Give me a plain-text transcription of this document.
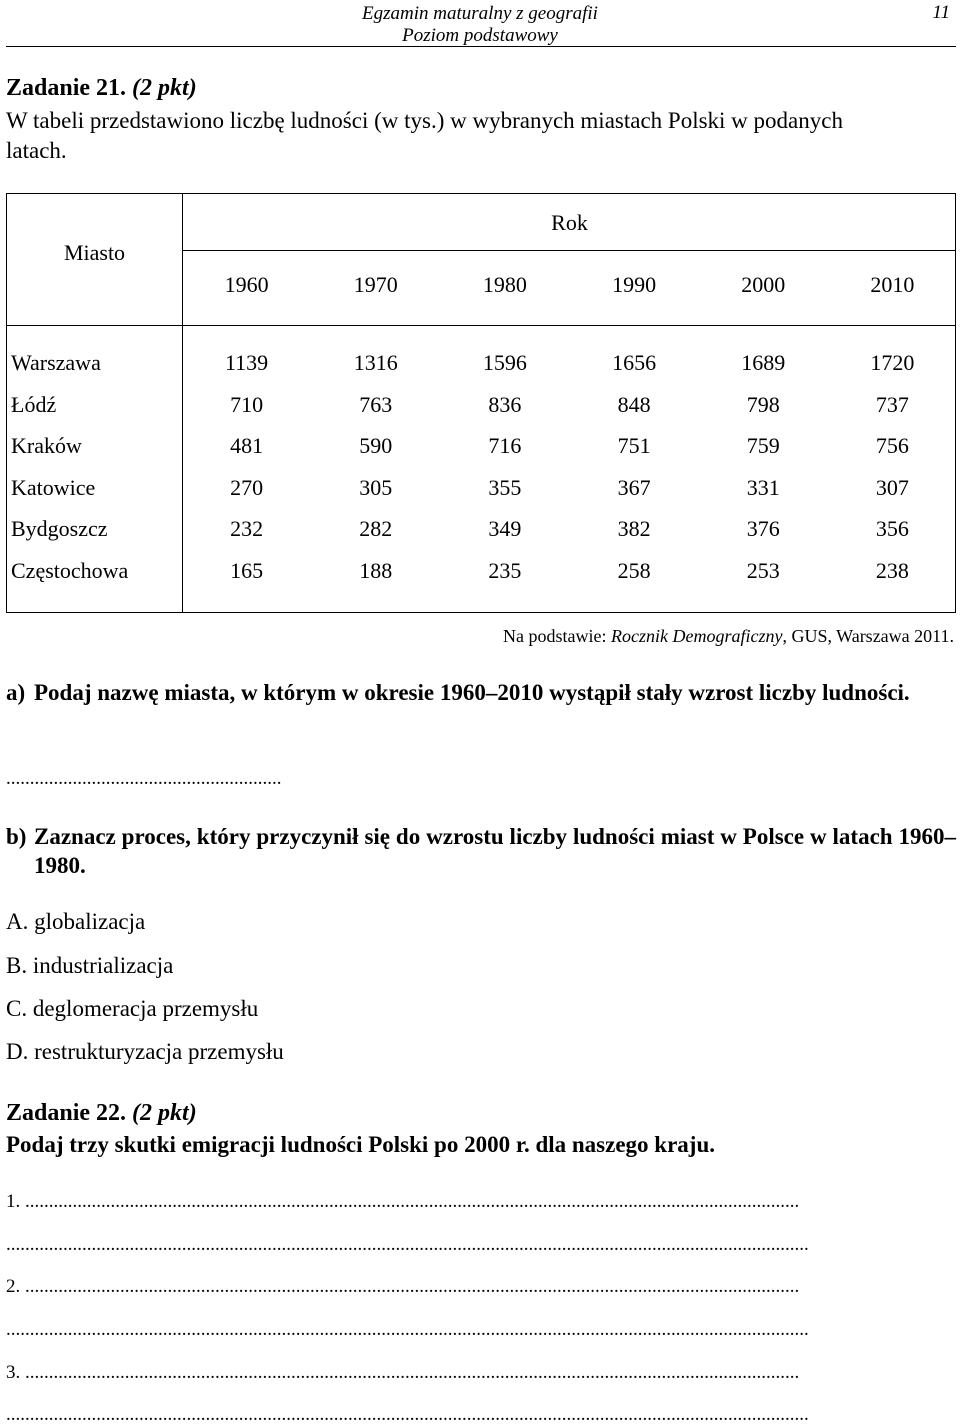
Egzamin maturalny z geografii
Poziom podstawowy
11
Zadanie 21. (2 pkt)
W tabeli przedstawiono liczbę ludności (w tys.) w wybranych miastach Polski w podanych
latach.
Miasto
Rok
1960	1970	1980	1990	2000	2010
Warszawa	1139	1316	1596	1656	1689	1720
Łódź	710	763	836	848	798	737
Kraków	481	590	716	751	759	756
Katowice	270	305	355	367	331	307
Bydgoszcz	232	282	349	382	376	356
Częstochowa	165	188	235	258	253	238
Na podstawie: Rocznik Demograficzny, GUS, Warszawa 2011.
a) Podaj nazwę miasta, w którym w okresie 1960–2010 wystąpił stały wzrost liczby ludności.
..........................................................
b) Zaznacz proces, który przyczynił się do wzrostu liczby ludności miast w Polsce w latach 1960–1980.
A. globalizacja
B. industrializacja
C. deglomeracja przemysłu
D. restrukturyzacja przemysłu
Zadanie 22. (2 pkt)
Podaj trzy skutki emigracji ludności Polski po 2000 r. dla naszego kraju.
1. ...................................................................................................................................................................
.........................................................................................................................................................................
2. ...................................................................................................................................................................
.........................................................................................................................................................................
3. ...................................................................................................................................................................
.........................................................................................................................................................................
